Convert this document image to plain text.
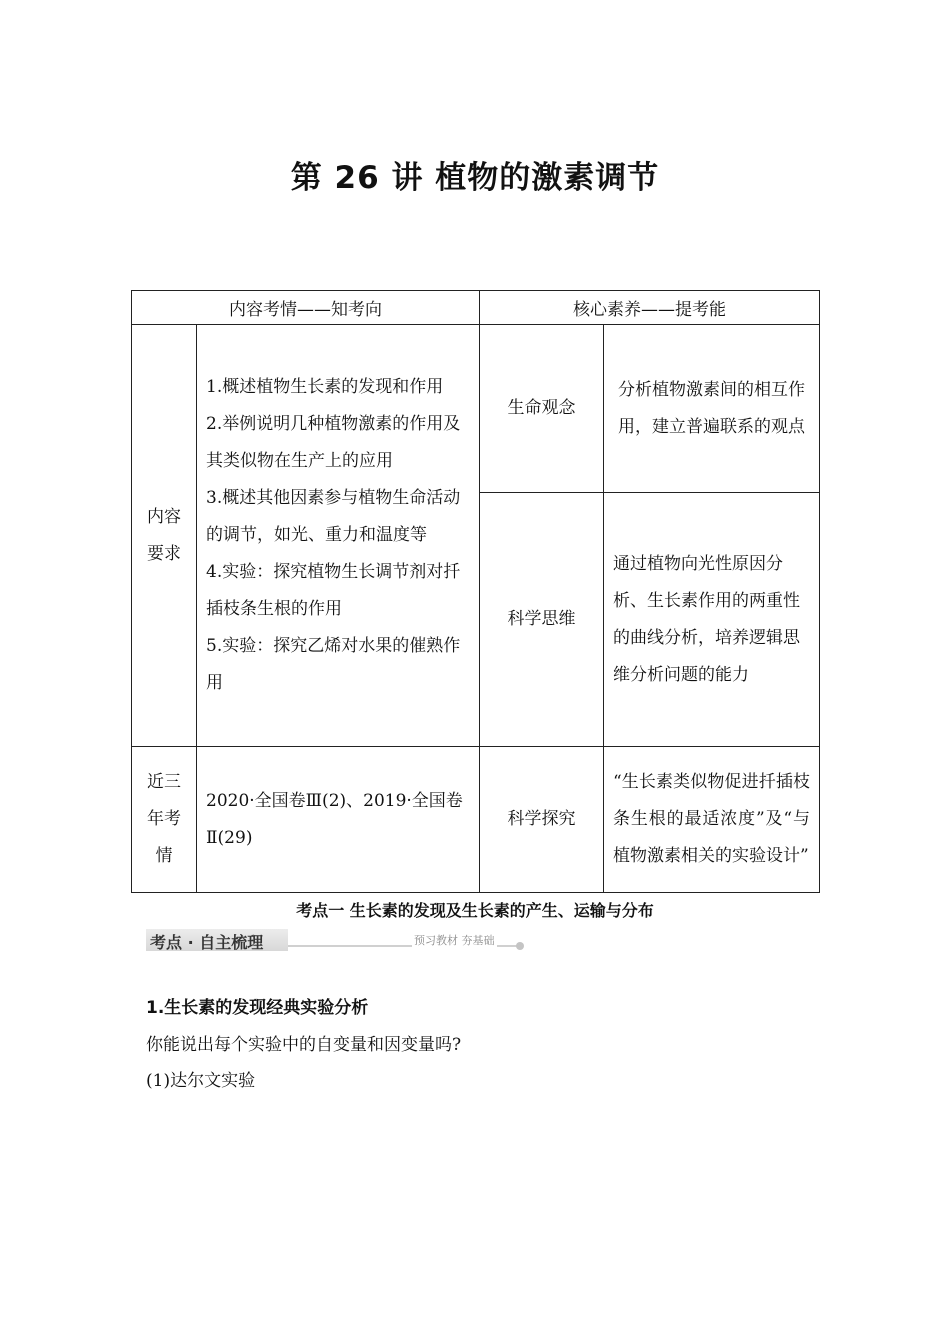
第 26 讲 植物的激素调节
内容考情——知考向		核心素养——提考能	
内容要求	1.概述植物生长素的发现和作用
2.举例说明几种植物激素的作用及其类似物在生产上的应用
3.概述其他因素参与植物生命活动的调节，如光、重力和温度等
4.实验：探究植物生长调节剂对扦插枝条生根的作用
5.实验：探究乙烯对水果的催熟作用	生命观念	分析植物激素间的相互作用，建立普遍联系的观点
		科学思维	通过植物向光性原因分析、生长素作用的两重性的曲线分析，培养逻辑思维分析问题的能力
近三年考情	2020·全国卷Ⅲ(2)、2019·全国卷Ⅱ(29)	科学探究	“生长素类似物促进扦插枝条生根的最适浓度”及“与植物激素相关的实验设计”
考点一 生长素的发现及生长素的产生、运输与分布
考点 · 自主梳理	预习教材 夯基础
1.生长素的发现经典实验分析
你能说出每个实验中的自变量和因变量吗?
(1)达尔文实验
